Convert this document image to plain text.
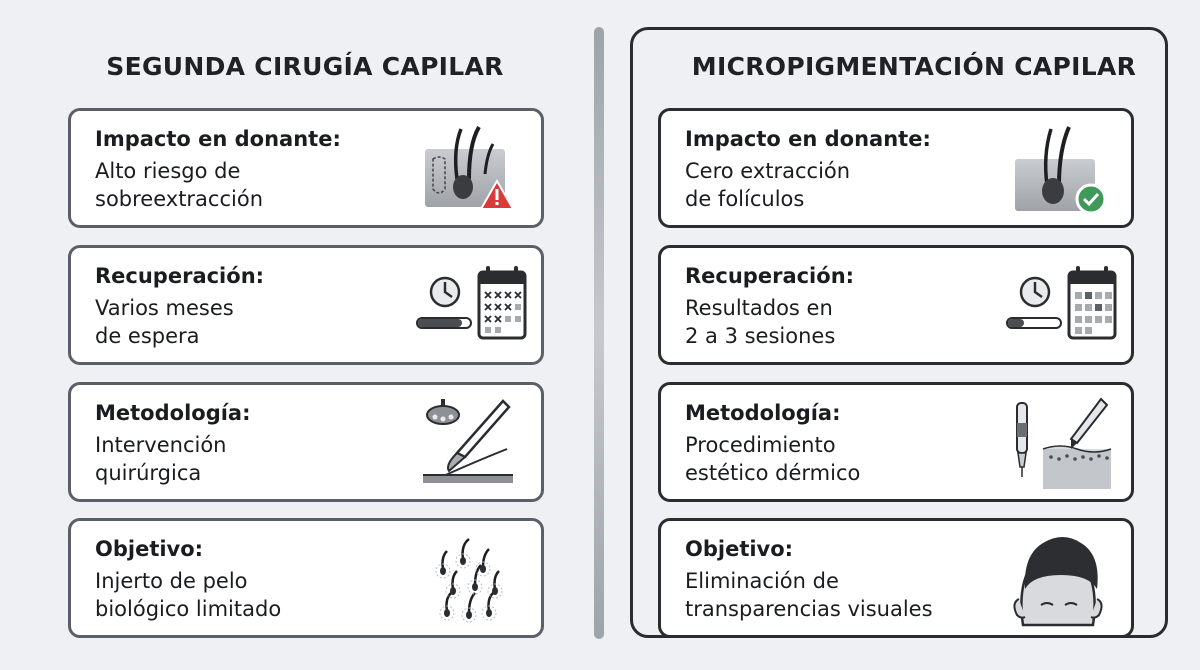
SEGUNDA CIRUGÍA CAPILAR
Impacto en donante:
Alto riesgo de
sobreextracción
Recuperación:
Varios meses
de espera
Metodología:
Intervención
quirúrgica
Objetivo:
Injerto de pelo
biológico limitado
MICROPIGMENTACIÓN CAPILAR
Impacto en donante:
Cero extracción
de folículos
Recuperación:
Resultados en
2 a 3 sesiones
Metodología:
Procedimiento
estético dérmico
Objetivo:
Eliminación de
transparencias visuales
